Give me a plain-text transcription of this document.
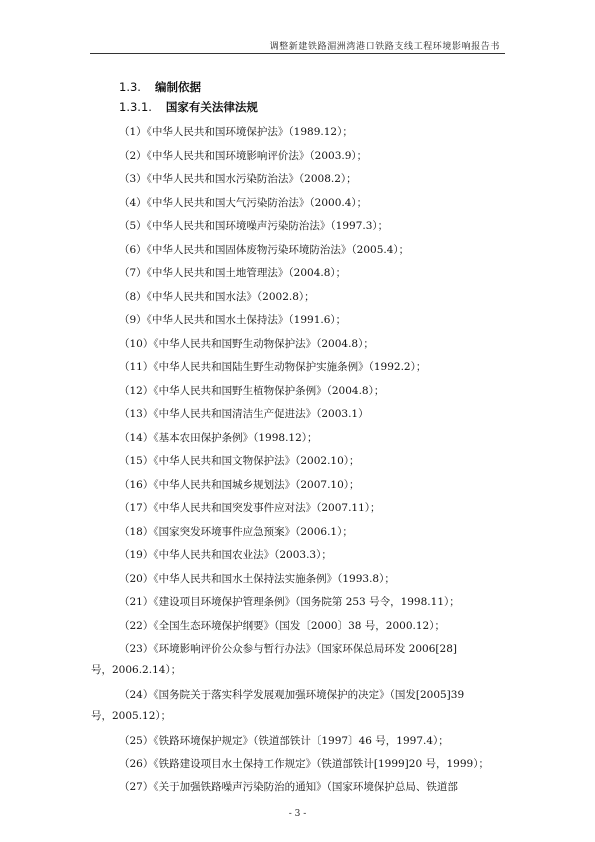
调整新建铁路湄洲湾港口铁路支线工程环境影响报告书
1.3. 编制依据
1.3.1. 国家有关法律法规
（1）《中华人民共和国环境保护法》（1989.12）；
（2）《中华人民共和国环境影响评价法》（2003.9）；
（3）《中华人民共和国水污染防治法》（2008.2）；
（4）《中华人民共和国大气污染防治法》（2000.4）；
（5）《中华人民共和国环境噪声污染防治法》（1997.3）；
（6）《中华人民共和国固体废物污染环境防治法》（2005.4）；
（7）《中华人民共和国土地管理法》（2004.8）；
（8）《中华人民共和国水法》（2002.8）；
（9）《中华人民共和国水土保持法》（1991.6）；
（10）《中华人民共和国野生动物保护法》（2004.8）；
（11）《中华人民共和国陆生野生动物保护实施条例》（1992.2）；
（12）《中华人民共和国野生植物保护条例》（2004.8）；
（13）《中华人民共和国清洁生产促进法》（2003.1）
（14）《基本农田保护条例》（1998.12）；
（15）《中华人民共和国文物保护法》（2002.10）；
（16）《中华人民共和国城乡规划法》（2007.10）；
（17）《中华人民共和国突发事件应对法》（2007.11）；
（18）《国家突发环境事件应急预案》（2006.1）；
（19）《中华人民共和国农业法》（2003.3）；
（20）《中华人民共和国水土保持法实施条例》（1993.8）；
（21）《建设项目环境保护管理条例》（国务院第 253 号令，1998.11）；
（22）《全国生态环境保护纲要》（国发〔2000〕38 号，2000.12）；
（23）《环境影响评价公众参与暂行办法》（国家环保总局环发 2006[28]
号，2006.2.14）；
（24）《国务院关于落实科学发展观加强环境保护的决定》（国发[2005]39
号，2005.12）；
（25）《铁路环境保护规定》（铁道部铁计〔1997〕46 号，1997.4）；
（26）《铁路建设项目水土保持工作规定》（铁道部铁计[1999]20 号，1999）；
（27）《关于加强铁路噪声污染防治的通知》（国家环境保护总局、铁道部
- 3 -
